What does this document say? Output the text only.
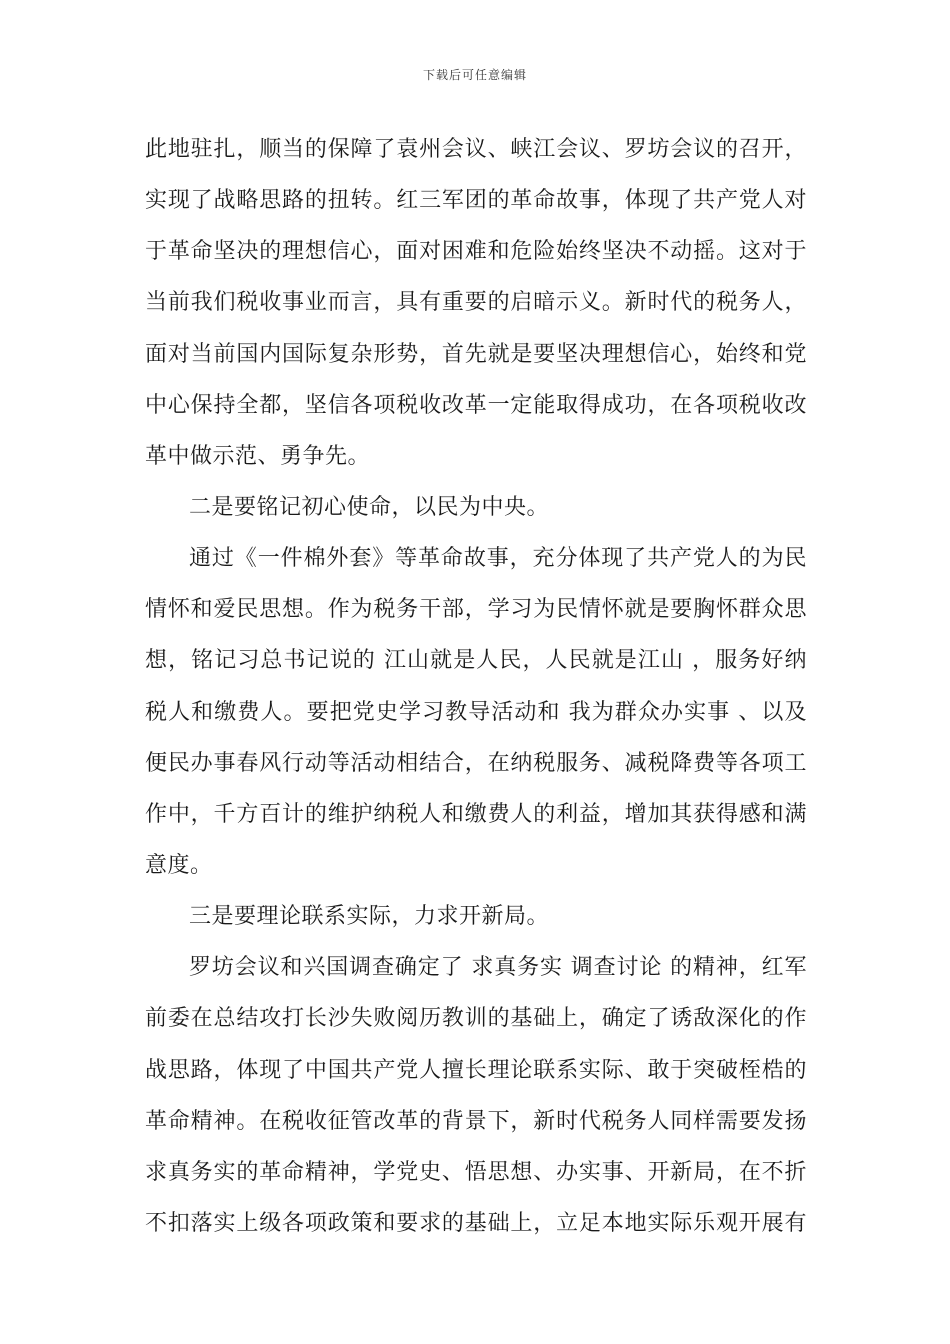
下载后可任意编辑
此地驻扎，顺当的保障了袁州会议、峡江会议、罗坊会议的召开，
实现了战略思路的扭转。红三军团的革命故事，体现了共产党人对
于革命坚决的理想信心，面对困难和危险始终坚决不动摇。这对于
当前我们税收事业而言，具有重要的启暗示义。新时代的税务人，
面对当前国内国际复杂形势，首先就是要坚决理想信心，始终和党
中心保持全都，坚信各项税收改革一定能取得成功，在各项税收改
革中做示范、勇争先。
二是要铭记初心使命，以民为中央。
通过《一件棉外套》等革命故事，充分体现了共产党人的为民
情怀和爱民思想。作为税务干部，学习为民情怀就是要胸怀群众思
想，铭记习总书记说的 江山就是人民，人民就是江山 ，服务好纳
税人和缴费人。要把党史学习教导活动和 我为群众办实事 、以及
便民办事春风行动等活动相结合，在纳税服务、减税降费等各项工
作中，千方百计的维护纳税人和缴费人的利益，增加其获得感和满
意度。
三是要理论联系实际，力求开新局。
罗坊会议和兴国调查确定了 求真务实 调查讨论 的精神，红军
前委在总结攻打长沙失败阅历教训的基础上，确定了诱敌深化的作
战思路，体现了中国共产党人擅长理论联系实际、敢于突破桎梏的
革命精神。在税收征管改革的背景下，新时代税务人同样需要发扬
求真务实的革命精神，学党史、悟思想、办实事、开新局，在不折
不扣落实上级各项政策和要求的基础上，立足本地实际乐观开展有
